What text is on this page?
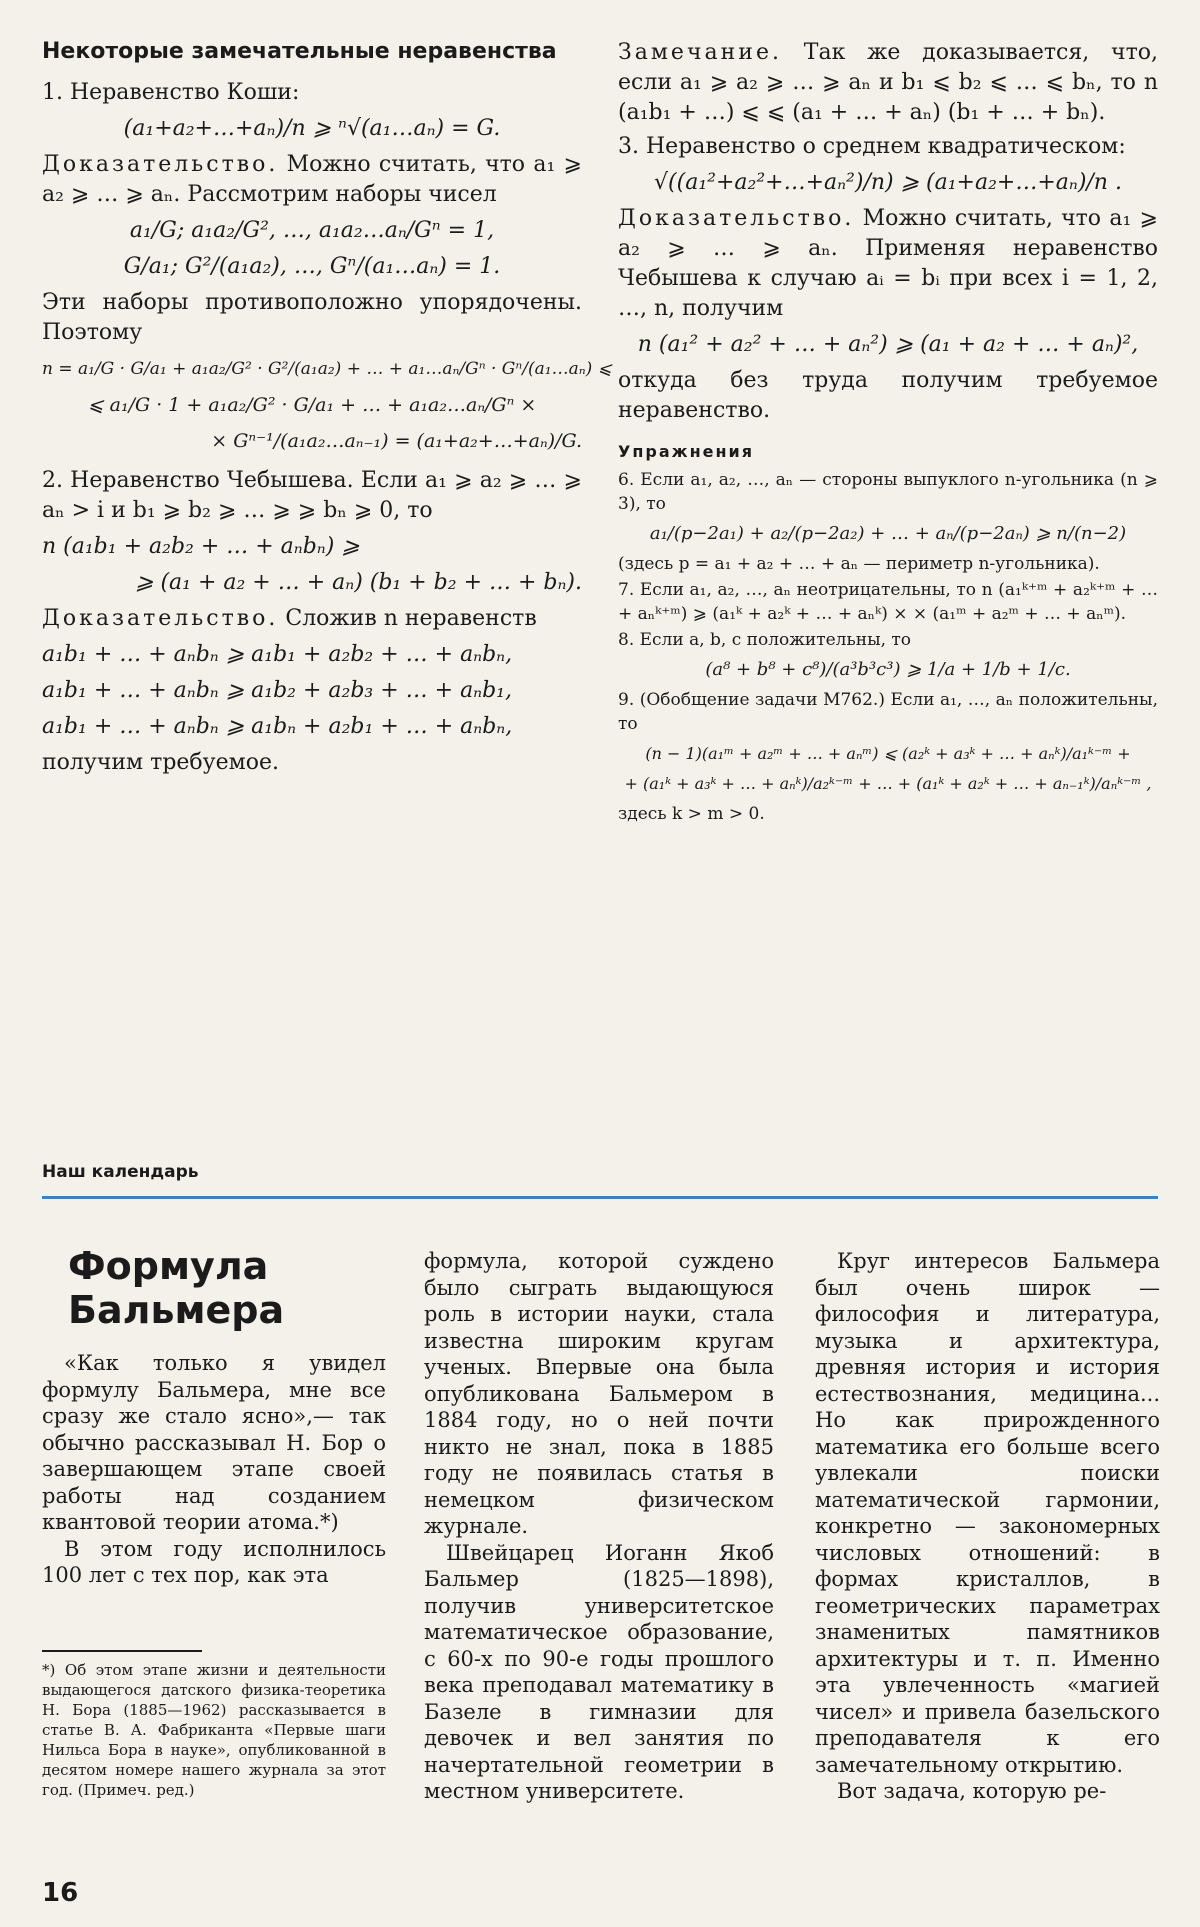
Некоторые замечательные неравенства

1. Неравенство Коши:

(a₁+a₂+…+aₙ)/n ⩾ ⁿ√(a₁…aₙ) = G.

Доказательство. Можно считать, что a₁ ⩾ a₂ ⩾ … ⩾ aₙ. Рассмотрим наборы чисел

a₁/G; a₁a₂/G², …, a₁a₂…aₙ/Gⁿ = 1,
G/a₁; G²/(a₁a₂), …, Gⁿ/(a₁…aₙ) = 1.

Эти наборы противоположно упорядочены. Поэтому

n = a₁/G · G/a₁ + a₁a₂/G² · G²/(a₁a₂) + … + a₁…aₙ/Gⁿ · Gⁿ/(a₁…aₙ) ⩽
⩽ a₁/G · 1 + a₁a₂/G² · G/a₁ + … + a₁a₂…aₙ/Gⁿ ×
× Gⁿ⁻¹/(a₁a₂…aₙ₋₁) = (a₁+a₂+…+aₙ)/G.

2. Неравенство Чебышева. Если a₁ ⩾ a₂ ⩾ … ⩾ aₙ > i и b₁ ⩾ b₂ ⩾ … ⩾ ⩾ bₙ ⩾ 0, то

n (a₁b₁ + a₂b₂ + … + aₙbₙ) ⩾
⩾ (a₁ + a₂ + … + aₙ) (b₁ + b₂ + … + bₙ).

Доказательство. Сложив n неравенств

a₁b₁ + … + aₙbₙ ⩾ a₁b₁ + a₂b₂ + … + aₙbₙ,
a₁b₁ + … + aₙbₙ ⩾ a₁b₂ + a₂b₃ + … + aₙb₁,
a₁b₁ + … + aₙbₙ ⩾ a₁bₙ + a₂b₁ + … + aₙbₙ,

получим требуемое.

Замечание. Так же доказывается, что, если a₁ ⩾ a₂ ⩾ … ⩾ aₙ и b₁ ⩽ b₂ ⩽ … ⩽ bₙ, то n (a₁b₁ + …) ⩽ ⩽ (a₁ + … + aₙ) (b₁ + … + bₙ).

3. Неравенство о среднем квадратическом:

√((a₁²+a₂²+…+aₙ²)/n) ⩾ (a₁+a₂+…+aₙ)/n .

Доказательство. Можно считать, что a₁ ⩾ a₂ ⩾ … ⩾ aₙ. Применяя неравенство Чебышева к случаю aᵢ = bᵢ при всех i = 1, 2, …, n, получим

n (a₁² + a₂² + … + aₙ²) ⩾ (a₁ + a₂ + … + aₙ)²,

откуда без труда получим требуемое неравенство.

Упражнения

6. Если a₁, a₂, …, aₙ — стороны выпуклого n-угольника (n ⩾ 3), то

a₁/(p−2a₁) + a₂/(p−2a₂) + … + aₙ/(p−2aₙ) ⩾ n/(n−2)

(здесь p = a₁ + a₂ + … + aₙ — периметр n-угольника).

7. Если a₁, a₂, …, aₙ неотрицательны, то n (a₁ᵏ⁺ᵐ + a₂ᵏ⁺ᵐ + … + aₙᵏ⁺ᵐ) ⩾ (a₁ᵏ + a₂ᵏ + … + aₙᵏ) × × (a₁ᵐ + a₂ᵐ + … + aₙᵐ).

8. Если a, b, c положительны, то

(a⁸ + b⁸ + c⁸)/(a³b³c³) ⩾ 1/a + 1/b + 1/c.

9. (Обобщение задачи М762.) Если a₁, …, aₙ положительны, то

(n − 1)(a₁ᵐ + a₂ᵐ + … + aₙᵐ) ⩽ (a₂ᵏ + a₃ᵏ + … + aₙᵏ)/a₁ᵏ⁻ᵐ +
+ (a₁ᵏ + a₃ᵏ + … + aₙᵏ)/a₂ᵏ⁻ᵐ + … + (a₁ᵏ + a₂ᵏ + … + aₙ₋₁ᵏ)/aₙᵏ⁻ᵐ ,

здесь k > m > 0.

Наш календарь
Формула Бальмера

«Как только я увидел формулу Бальмера, мне все сразу же стало ясно»,— так обычно рассказывал Н. Бор о завершающем этапе своей работы над созданием квантовой теории атома.*)

В этом году исполнилось 100 лет с тех пор, как эта

*) Об этом этапе жизни и деятельности выдающегося датского физика-теоретика Н. Бора (1885—1962) рассказывается в статье В. А. Фабриканта «Первые шаги Нильса Бора в науке», опубликованной в десятом номере нашего журнала за этот год. (Примеч. ред.)

формула, которой суждено было сыграть выдающуюся роль в истории науки, стала известна широким кругам ученых. Впервые она была опубликована Бальмером в 1884 году, но о ней почти никто не знал, пока в 1885 году не появилась статья в немецком физическом журнале.

Швейцарец Иоганн Якоб Бальмер (1825—1898), получив университетское математическое образование, с 60-х по 90-е годы прошлого века преподавал математику в Базеле в гимназии для девочек и вел занятия по начертательной геометрии в местном университете.

Круг интересов Бальмера был очень широк — философия и литература, музыка и архитектура, древняя история и история естествознания, медицина... Но как прирожденного математика его больше всего увлекали поиски математической гармонии, конкретно — закономерных числовых отношений: в формах кристаллов, в геометрических параметрах знаменитых памятников архитектуры и т. п. Именно эта увлеченность «магией чисел» и привела базельского преподавателя к его замечательному открытию.

Вот задача, которую ре-

16
